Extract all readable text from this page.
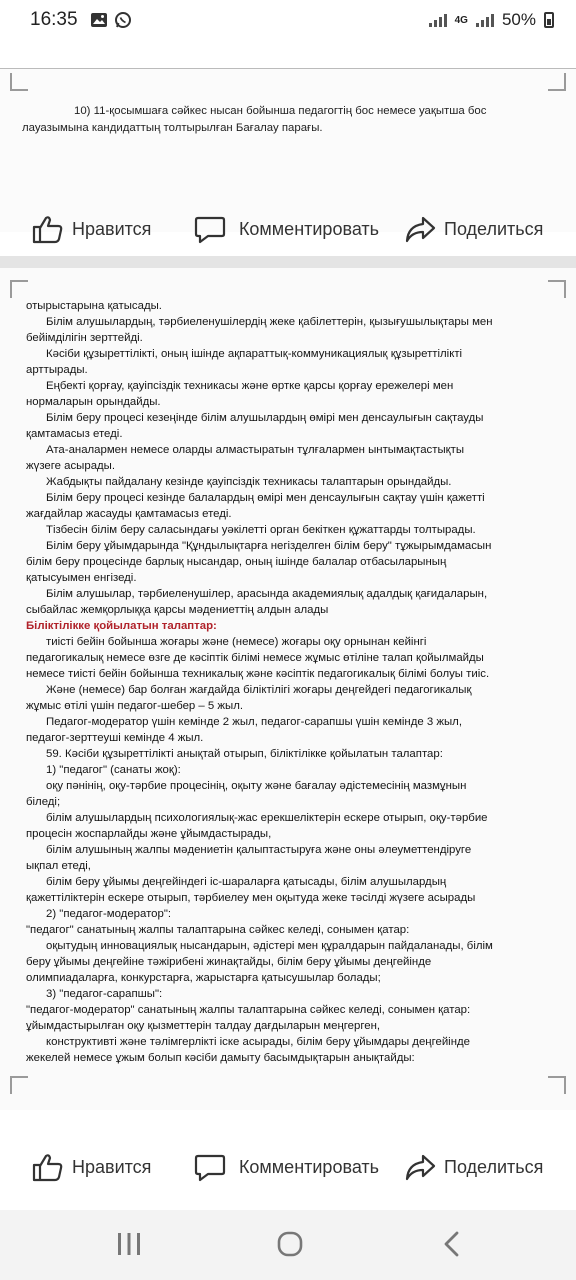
16:35	4G 50%

10) 11-қосымшаға сәйкес нысан бойынша педагогтің бос немесе уақытша бос лауазымына кандидаттың толтырылған Бағалау парағы.

Нравится	Комментировать	Поделиться

отырыстарына қатысады.

Білім алушылардың, тәрбиеленушілердің жеке қабілеттерін, қызығушылықтары мен

бейімділігін зерттейді.

Кәсіби құзыреттілікті, оның ішінде ақпараттық-коммуникациялық құзыреттілікті

арттырады.

Еңбекті қорғау, қауіпсіздік техникасы және өртке қарсы қорғау ережелері мен

нормаларын орындайды.

Білім беру процесі кезеңінде білім алушылардың өмірі мен денсаулығын сақтауды

қамтамасыз етеді.

Ата-аналармен немесе оларды алмастыратын тұлғалармен ынтымақтастықты

жүзеге асырады.

Жабдықты пайдалану кезінде қауіпсіздік техникасы талаптарын орындайды.

Білім беру процесі кезінде балалардың өмірі мен денсаулығын сақтау үшін қажетті

жағдайлар жасауды қамтамасыз етеді.

Тізбесін білім беру саласындағы уәкілетті орган бекіткен құжаттарды толтырады.

Білім беру ұйымдарында "Құндылықтарға негізделген білім беру" тұжырымдамасын

білім беру процесінде барлық нысандар, оның ішінде балалар отбасыларының

қатысуымен енгізеді.

Білім алушылар, тәрбиеленушілер, арасында академиялық адалдық қағидаларын,

сыбайлас жемқорлыққа қарсы мәдениеттің алдын алады

Біліктілікке қойылатын талаптар:

тиісті бейін бойынша жоғары және (немесе) жоғары оқу орнынан кейінгі

педагогикалық немесе өзге де кәсіптік білімі немесе жұмыс өтіліне талап қойылмайды

немесе тиісті бейін бойынша техникалық және кәсіптік педагогикалық білімі болуы тиіс.

Және (немесе) бар болған жағдайда біліктілігі жоғары деңгейдегі педагогикалық

жұмыс өтілі үшін педагог-шебер – 5 жыл.

Педагог-модератор үшін кемінде 2 жыл, педагог-сарапшы үшін кемінде 3 жыл,

педагог-зерттеуші кемінде 4 жыл.

59. Кәсіби құзыреттілікті анықтай отырып, біліктілікке қойылатын талаптар:

1) "педагог" (санаты жоқ):

оқу пәнінің, оқу-тәрбие процесінің, оқыту және бағалау әдістемесінің мазмұнын

біледі;

білім алушылардың психологиялық-жас ерекшеліктерін ескере отырып, оқу-тәрбие

процесін жоспарлайды және ұйымдастырады,

білім алушының жалпы мәдениетін қалыптастыруға және оны әлеуметтендіруге

ықпал етеді,

білім беру ұйымы деңгейіндегі іс-шараларға қатысады, білім алушылардың

қажеттіліктерін ескере отырып, тәрбиелеу мен оқытуда жеке тәсілді жүзеге асырады

2) "педагог-модератор":

"педагог" санатының жалпы талаптарына сәйкес келеді, сонымен қатар:

оқытудың инновациялық нысандарын, әдістері мен құралдарын пайдаланады, білім

беру ұйымы деңгейіне тәжірибені жинақтайды, білім беру ұйымы деңгейінде

олимпиадаларға, конкурстарға, жарыстарға қатысушылар болады;

3) "педагог-сарапшы":

"педагог-модератор" санатының жалпы талаптарына сәйкес келеді, сонымен қатар:

ұйымдастырылған оқу қызметтерін талдау дағдыларын меңгерген,

конструктивті және тәлімгерлікті іске асырады, білім беру ұйымдары деңгейінде

жекелей немесе ұжым болып кәсіби дамыту басымдықтарын анықтайды:

Нравится	Комментировать	Поделиться
